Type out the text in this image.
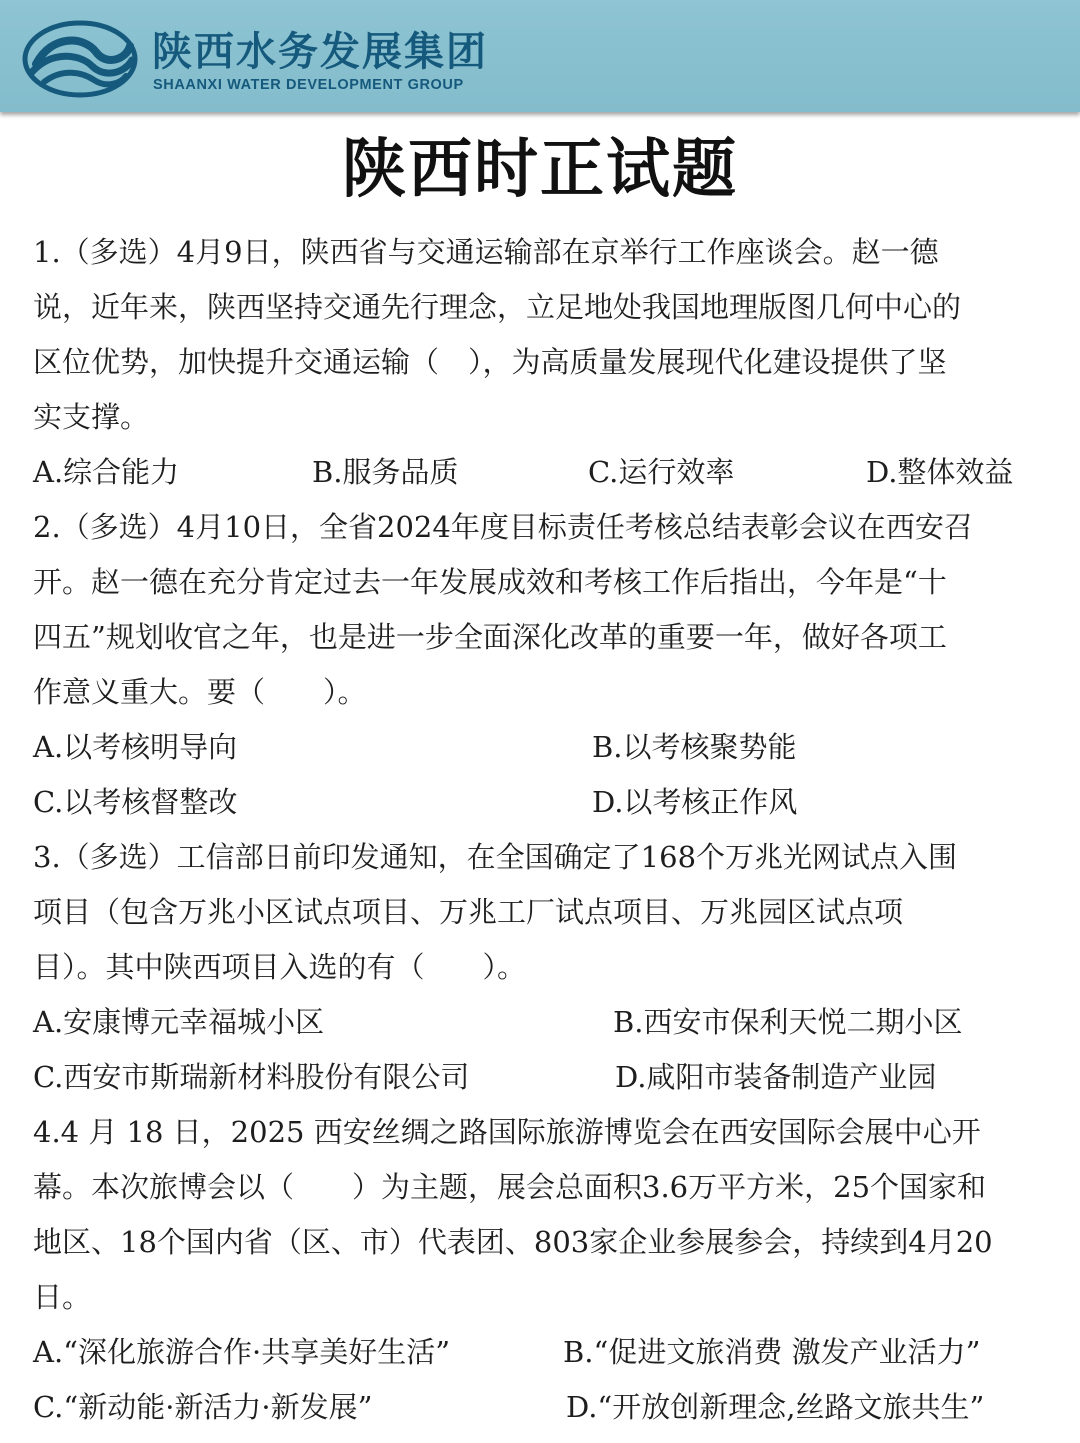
陕西水务发展集团
SHAANXI WATER DEVELOPMENT GROUP
陕西时正试题
1.（多选）4月9日，陕西省与交通运输部在京举行工作座谈会。赵一德
说，近年来，陕西坚持交通先行理念，立足地处我国地理版图几何中心的
区位优势，加快提升交通运输（　），为高质量发展现代化建设提供了坚
实支撑。
A.综合能力	B.服务品质	C.运行效率	D.整体效益
2.（多选）4月10日，全省2024年度目标责任考核总结表彰会议在西安召
开。赵一德在充分肯定过去一年发展成效和考核工作后指出，今年是“十
四五”规划收官之年，也是进一步全面深化改革的重要一年，做好各项工
作意义重大。要（　　）。
A.以考核明导向	B.以考核聚势能
C.以考核督整改	D.以考核正作风
3.（多选）工信部日前印发通知，在全国确定了168个万兆光网试点入围
项目（包含万兆小区试点项目、万兆工厂试点项目、万兆园区试点项
目）。其中陕西项目入选的有（　　）。
A.安康博元幸福城小区	B.西安市保利天悦二期小区
C.西安市斯瑞新材料股份有限公司	D.咸阳市装备制造产业园
4.4 月 18 日，2025 西安丝绸之路国际旅游博览会在西安国际会展中心开
幕。本次旅博会以（　　）为主题，展会总面积3.6万平方米，25个国家和
地区、18个国内省（区、市）代表团、803家企业参展参会，持续到4月20
日。
A.“深化旅游合作·共享美好生活”	B.“促进文旅消费 激发产业活力”
C.“新动能·新活力·新发展”	D.“开放创新理念,丝路文旅共生”
